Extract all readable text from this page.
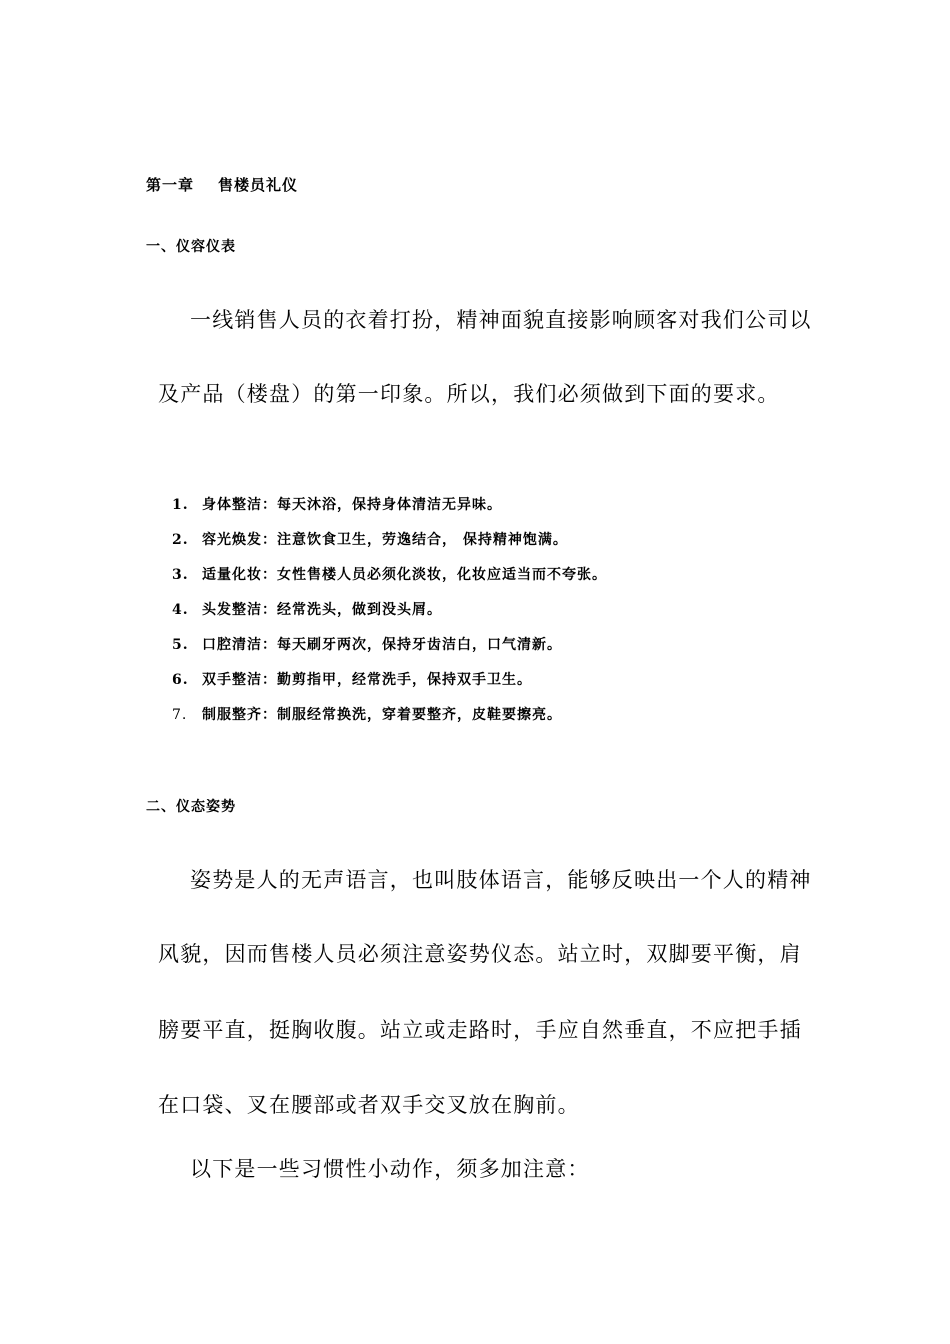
第一章 售楼员礼仪
一、仪容仪表
一线销售人员的衣着打扮，精神面貌直接影响顾客对我们公司以
及产品（楼盘）的第一印象。所以，我们必须做到下面的要求。
1. 身体整洁：每天沐浴，保持身体清洁无异味。
2. 容光焕发：注意饮食卫生，劳逸结合， 保持精神饱满。
3. 适量化妆：女性售楼人员必须化淡妆，化妆应适当而不夸张。
4. 头发整洁：经常洗头，做到没头屑。
5. 口腔清洁：每天刷牙两次，保持牙齿洁白，口气清新。
6. 双手整洁：勤剪指甲，经常洗手，保持双手卫生。
7. 制服整齐：制服经常换洗，穿着要整齐，皮鞋要擦亮。
二、仪态姿势
姿势是人的无声语言，也叫肢体语言，能够反映出一个人的精神
风貌，因而售楼人员必须注意姿势仪态。站立时，双脚要平衡，肩
膀要平直，挺胸收腹。站立或走路时，手应自然垂直，不应把手插
在口袋、叉在腰部或者双手交叉放在胸前。
以下是一些习惯性小动作，须多加注意：
